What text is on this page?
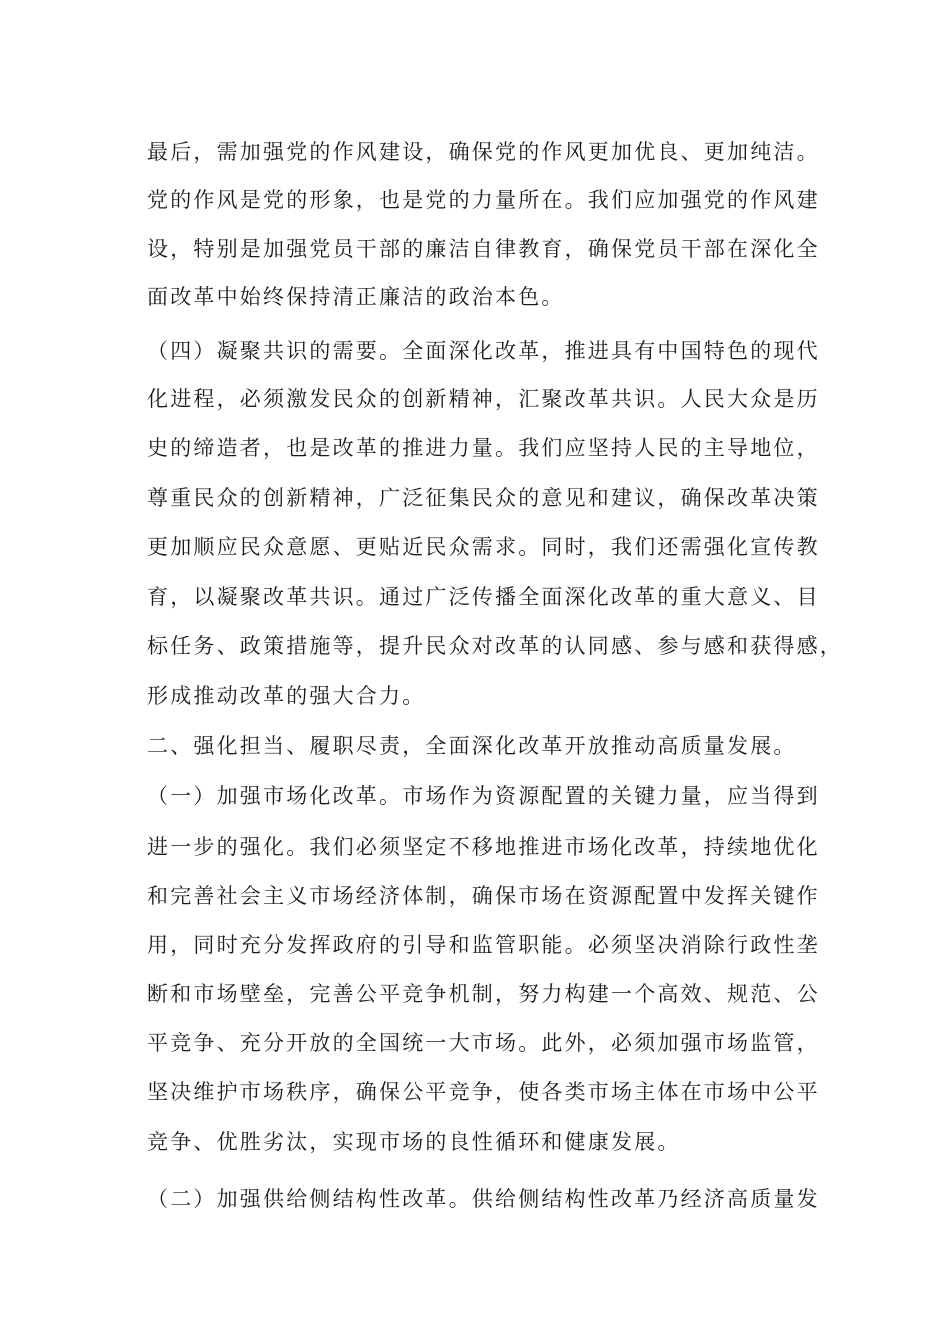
最后，需加强党的作风建设，确保党的作风更加优良、更加纯洁。
党的作风是党的形象，也是党的力量所在。我们应加强党的作风建
设，特别是加强党员干部的廉洁自律教育，确保党员干部在深化全
面改革中始终保持清正廉洁的政治本色。
（四）凝聚共识的需要。全面深化改革，推进具有中国特色的现代
化进程，必须激发民众的创新精神，汇聚改革共识。人民大众是历
史的缔造者，也是改革的推进力量。我们应坚持人民的主导地位，
尊重民众的创新精神，广泛征集民众的意见和建议，确保改革决策
更加顺应民众意愿、更贴近民众需求。同时，我们还需强化宣传教
育，以凝聚改革共识。通过广泛传播全面深化改革的重大意义、目
标任务、政策措施等，提升民众对改革的认同感、参与感和获得感，
形成推动改革的强大合力。
二、强化担当、履职尽责，全面深化改革开放推动高质量发展。
（一）加强市场化改革。市场作为资源配置的关键力量，应当得到
进一步的强化。我们必须坚定不移地推进市场化改革，持续地优化
和完善社会主义市场经济体制，确保市场在资源配置中发挥关键作
用，同时充分发挥政府的引导和监管职能。必须坚决消除行政性垄
断和市场壁垒，完善公平竞争机制，努力构建一个高效、规范、公
平竞争、充分开放的全国统一大市场。此外，必须加强市场监管，
坚决维护市场秩序，确保公平竞争，使各类市场主体在市场中公平
竞争、优胜劣汰，实现市场的良性循环和健康发展。
（二）加强供给侧结构性改革。供给侧结构性改革乃经济高质量发
